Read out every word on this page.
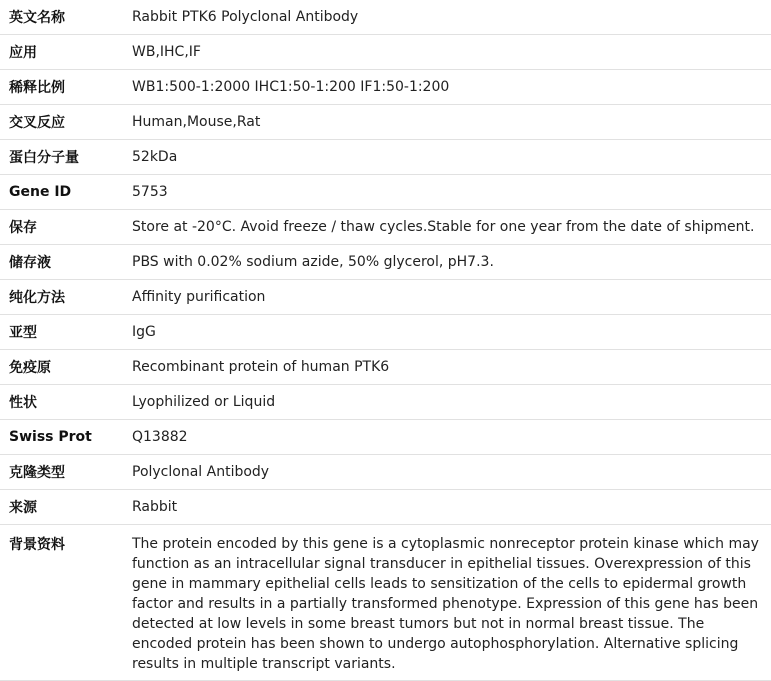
英文名称	Rabbit PTK6 Polyclonal Antibody
应用	WB,IHC,IF
稀释比例	WB1:500-1:2000 IHC1:50-1:200 IF1:50-1:200
交叉反应	Human,Mouse,Rat
蛋白分子量	52kDa
Gene ID	5753
保存	Store at -20°C. Avoid freeze / thaw cycles.Stable for one year from the date of shipment.
储存液	PBS with 0.02% sodium azide, 50% glycerol, pH7.3.
纯化方法	Affinity purification
亚型	IgG
免疫原	Recombinant protein of human PTK6
性状	Lyophilized or Liquid
Swiss Prot	Q13882
克隆类型	Polyclonal Antibody
来源	Rabbit
背景资料	The protein encoded by this gene is a cytoplasmic nonreceptor protein kinase which may function as an intracellular signal transducer in epithelial tissues. Overexpression of this gene in mammary epithelial cells leads to sensitization of the cells to epidermal growth factor and results in a partially transformed phenotype. Expression of this gene has been detected at low levels in some breast tumors but not in normal breast tissue. The encoded protein has been shown to undergo autophosphorylation. Alternative splicing results in multiple transcript variants.
